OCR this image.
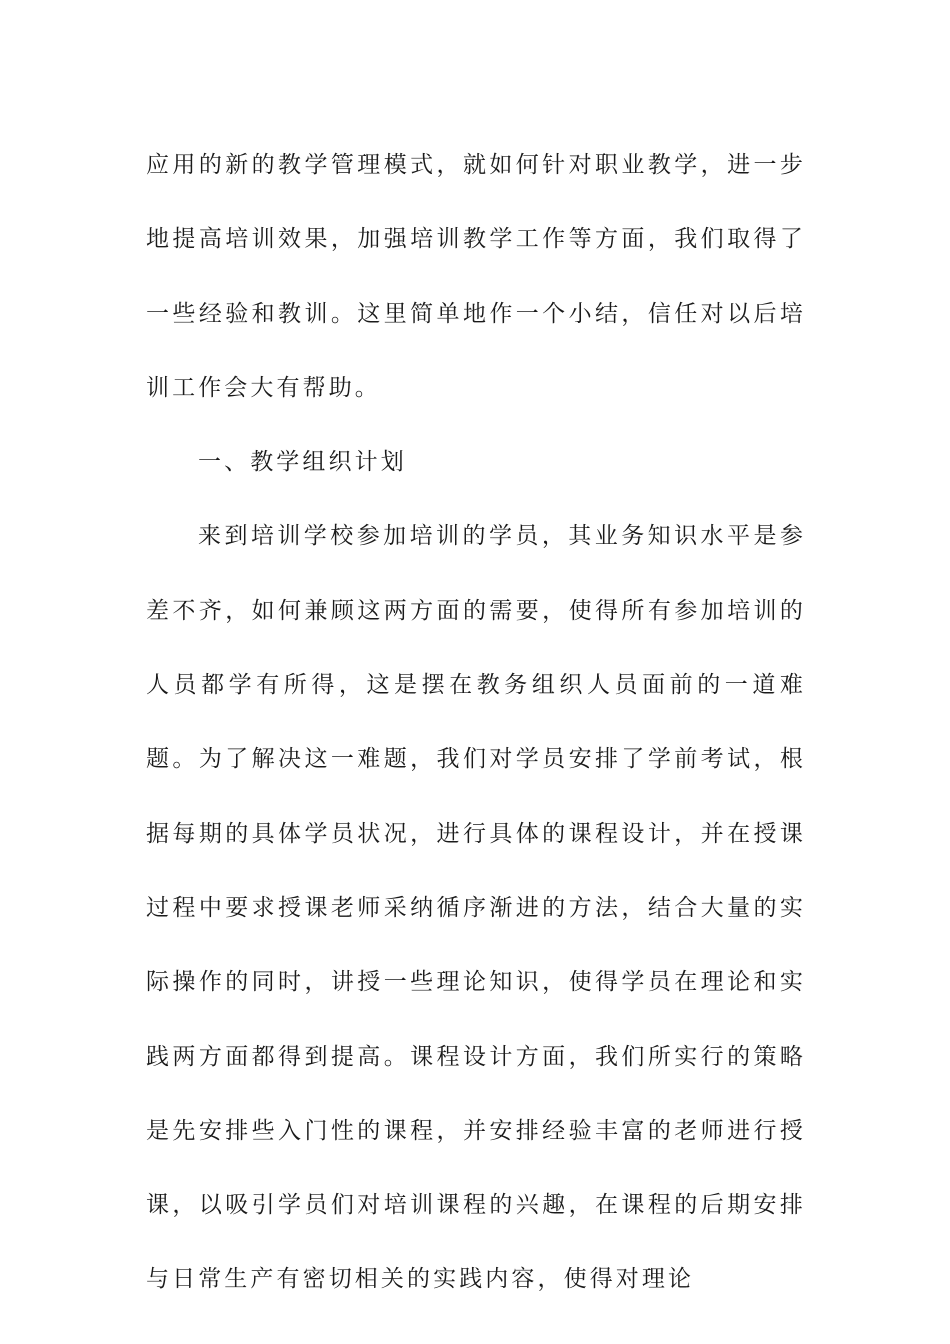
应用的新的教学管理模式，就如何针对职业教学，进一步地提高培训效果，加强培训教学工作等方面，我们取得了一些经验和教训。这里简单地作一个小结，信任对以后培训工作会大有帮助。

一、教学组织计划

来到培训学校参加培训的学员，其业务知识水平是参差不齐，如何兼顾这两方面的需要，使得所有参加培训的人员都学有所得，这是摆在教务组织人员面前的一道难题。为了解决这一难题，我们对学员安排了学前考试，根据每期的具体学员状况，进行具体的课程设计，并在授课过程中要求授课老师采纳循序渐进的方法，结合大量的实际操作的同时，讲授一些理论知识，使得学员在理论和实践两方面都得到提高。课程设计方面，我们所实行的策略是先安排些入门性的课程，并安排经验丰富的老师进行授课，以吸引学员们对培训课程的兴趣，在课程的后期安排与日常生产有密切相关的实践内容，使得对理论
